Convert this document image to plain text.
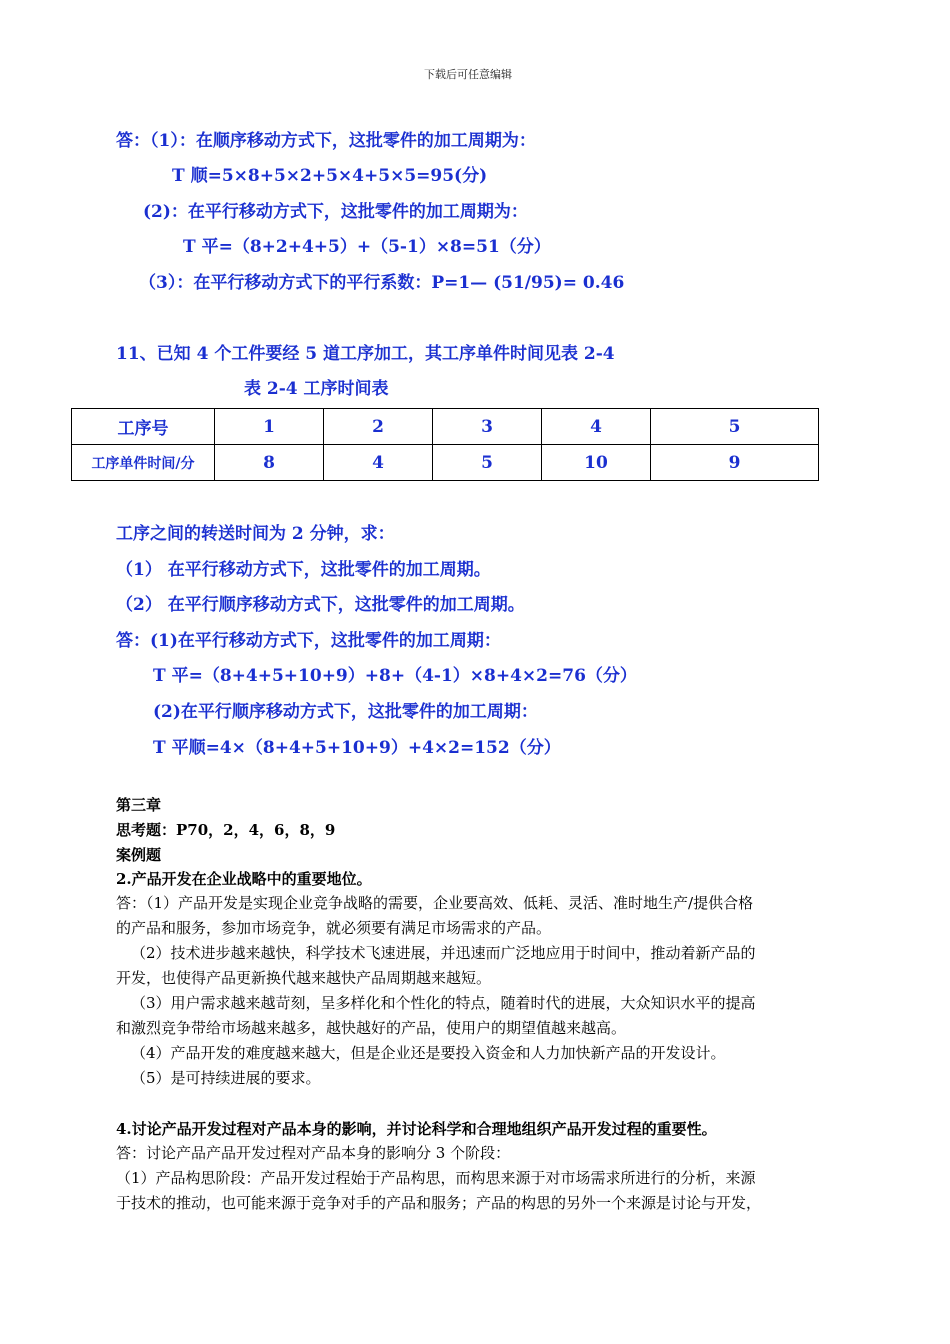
下载后可任意编辑
答：（1）：在顺序移动方式下，这批零件的加工周期为：
T 顺=5×8+5×2+5×4+5×5=95(分)
(2)：在平行移动方式下，这批零件的加工周期为：
T 平=（8+2+4+5）+（5-1）×8=51（分）
（3）：在平行移动方式下的平行系数：P=1— (51/95)= 0.46
11、已知 4 个工件要经 5 道工序加工，其工序单件时间见表 2-4
表 2-4 工序时间表
工序号	1	2	3	4	5
工序单件时间/分	8	4	5	10	9
工序之间的转送时间为 2 分钟，求：
（1） 在平行移动方式下，这批零件的加工周期。
（2） 在平行顺序移动方式下，这批零件的加工周期。
答：(1)在平行移动方式下，这批零件的加工周期：
T 平=（8+4+5+10+9）+8+（4-1）×8+4×2=76（分）
(2)在平行顺序移动方式下，这批零件的加工周期：
T 平顺=4×（8+4+5+10+9）+4×2=152（分）
第三章
思考题：P70，2，4，6，8，9
案例题
2.产品开发在企业战略中的重要地位。
答：（1）产品开发是实现企业竞争战略的需要，企业要高效、低耗、灵活、准时地生产/提供合格
的产品和服务，参加市场竞争，就必须要有满足市场需求的产品。
（2）技术进步越来越快，科学技术飞速进展，并迅速而广泛地应用于时间中，推动着新产品的
开发，也使得产品更新换代越来越快产品周期越来越短。
（3）用户需求越来越苛刻，呈多样化和个性化的特点，随着时代的进展，大众知识水平的提高
和激烈竞争带给市场越来越多，越快越好的产品，使用户的期望值越来越高。
（4）产品开发的难度越来越大，但是企业还是要投入资金和人力加快新产品的开发设计。
（5）是可持续进展的要求。
4.讨论产品开发过程对产品本身的影响，并讨论科学和合理地组织产品开发过程的重要性。
答：讨论产品产品开发过程对产品本身的影响分 3 个阶段：
（1）产品构思阶段：产品开发过程始于产品构思，而构思来源于对市场需求所进行的分析，来源
于技术的推动，也可能来源于竞争对手的产品和服务；产品的构思的另外一个来源是讨论与开发，
